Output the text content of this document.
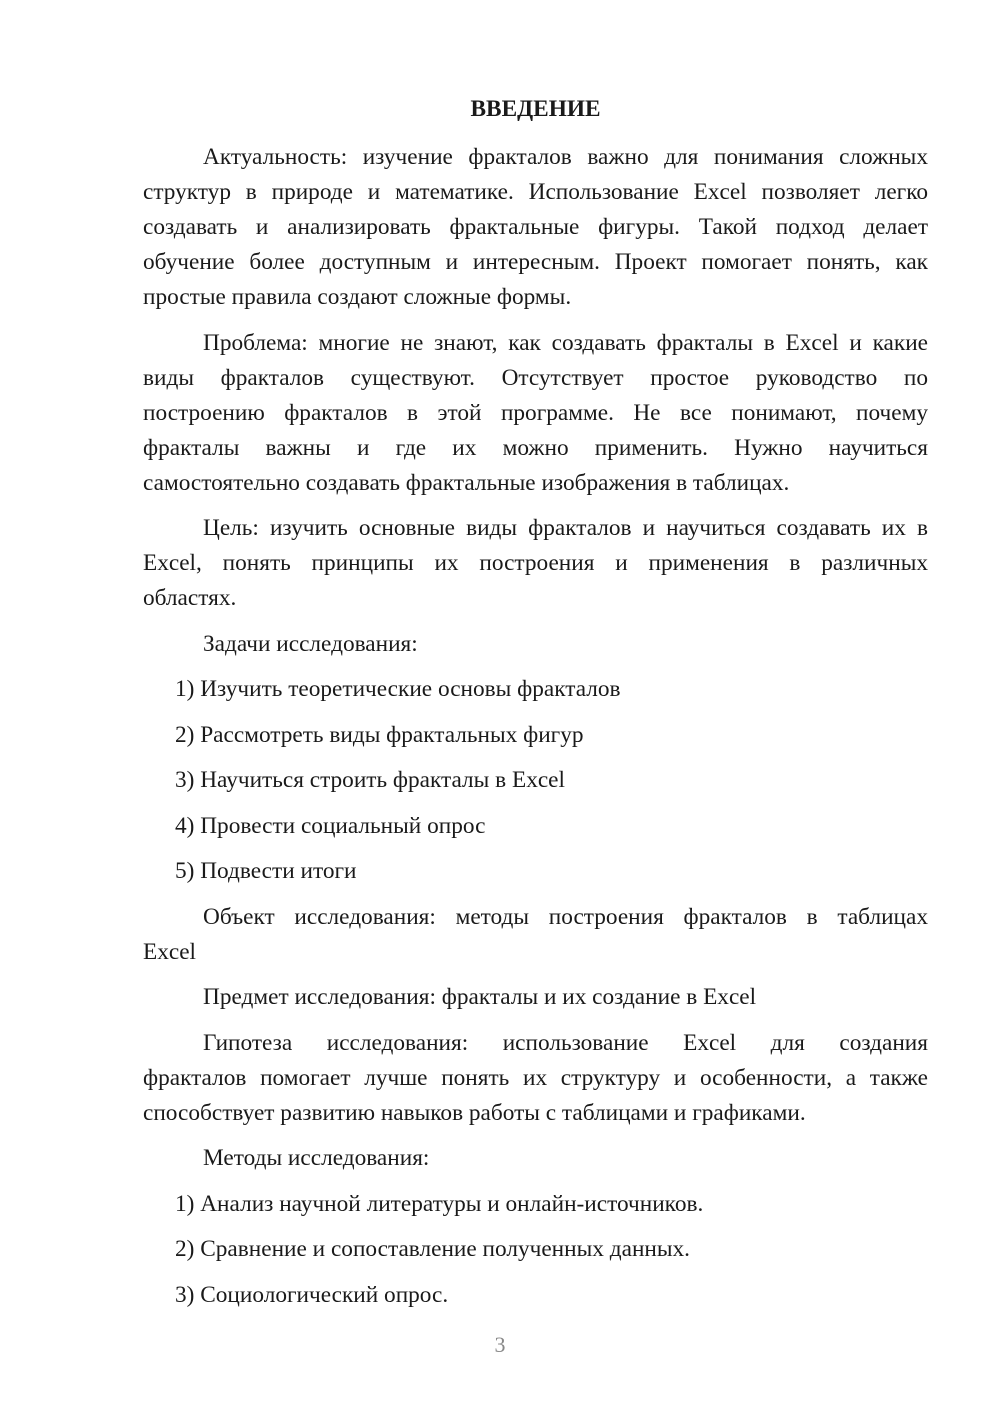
ВВЕДЕНИЕ
Актуальность: изучение фракталов важно для понимания сложных
структур в природе и математике. Использование Excel позволяет легко
создавать и анализировать фрактальные фигуры. Такой подход делает
обучение более доступным и интересным. Проект помогает понять, как
простые правила создают сложные формы.
Проблема: многие не знают, как создавать фракталы в Excel и какие
виды фракталов существуют. Отсутствует простое руководство по
построению фракталов в этой программе. Не все понимают, почему
фракталы важны и где их можно применить. Нужно научиться
самостоятельно создавать фрактальные изображения в таблицах.
Цель: изучить основные виды фракталов и научиться создавать их в
Excel, понять принципы их построения и применения в различных
областях.
Задачи исследования:
1) Изучить теоретические основы фракталов
2) Рассмотреть виды фрактальных фигур
3) Научиться строить фракталы в Excel
4) Провести социальный опрос
5) Подвести итоги
Объект исследования: методы построения фракталов в таблицах
Excel
Предмет исследования: фракталы и их создание в Excel
Гипотеза исследования: использование Excel для создания
фракталов помогает лучше понять их структуру и особенности, а также
способствует развитию навыков работы с таблицами и графиками.
Методы исследования:
1) Анализ научной литературы и онлайн-источников.
2) Сравнение и сопоставление полученных данных.
3) Социологический опрос.
3
